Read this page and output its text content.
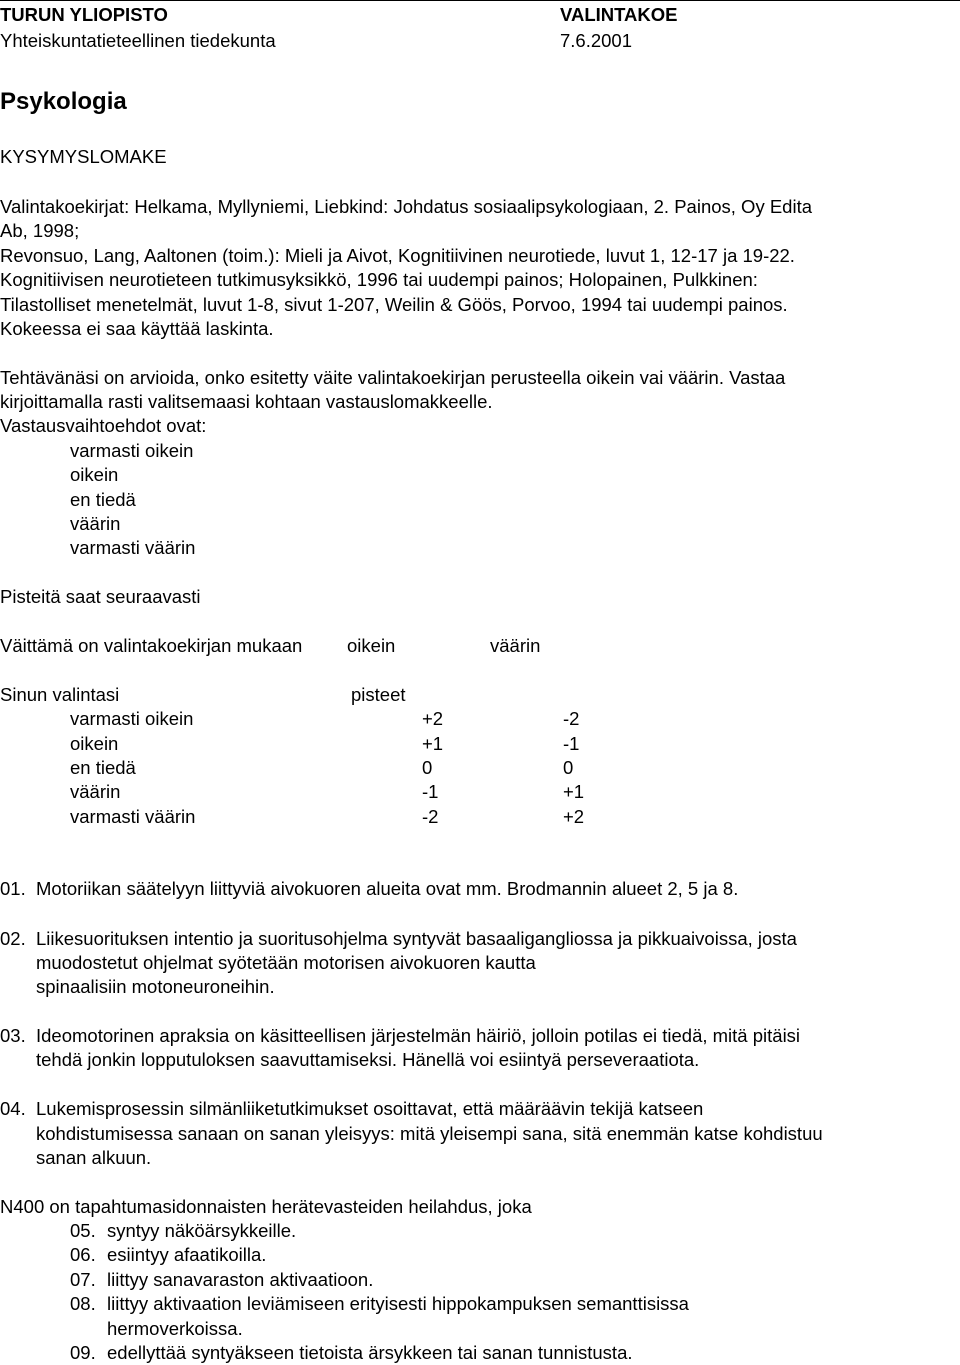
TURUN YLIOPISTO	VALINTAKOE
Yhteiskuntatieteellinen tiedekunta	7.6.2001
Psykologia
KYSYMYSLOMAKE
Valintakoekirjat: Helkama, Myllyniemi, Liebkind: Johdatus sosiaalipsykologiaan, 2. Painos, Oy Edita
Ab, 1998;
Revonsuo, Lang, Aaltonen (toim.): Mieli ja Aivot, Kognitiivinen neurotiede, luvut 1, 12-17 ja 19-22.
Kognitiivisen neurotieteen tutkimusyksikkö, 1996 tai uudempi painos; Holopainen, Pulkkinen:
Tilastolliset menetelmät, luvut 1-8, sivut 1-207, Weilin & Göös, Porvoo, 1994 tai uudempi painos.
Kokeessa ei saa käyttää laskinta.
Tehtävänäsi on arvioida, onko esitetty väite valintakoekirjan perusteella oikein vai väärin. Vastaa
kirjoittamalla rasti valitsemaasi kohtaan vastauslomakkeelle.
Vastausvaihtoehdot ovat:
varmasti oikein
oikein
en tiedä
väärin
varmasti väärin
Pisteitä saat seuraavasti
Väittämä on valintakoekirjan mukaan oikein	väärin
Sinun valintasi	pisteet
varmasti oikein	+2	-2
oikein	+1	-1
en tiedä	0	0
väärin	-1	+1
varmasti väärin	-2	+2
01. Motoriikan säätelyyn liittyviä aivokuoren alueita ovat mm. Brodmannin alueet 2, 5 ja 8.
02. Liikesuorituksen intentio ja suoritusohjelma syntyvät basaaligangliossa ja pikkuaivoissa, josta
muodostetut ohjelmat syötetään motorisen aivokuoren kautta
spinaalisiin motoneuroneihin.
03. Ideomotorinen apraksia on käsitteellisen järjestelmän häiriö, jolloin potilas ei tiedä, mitä pitäisi
tehdä jonkin lopputuloksen saavuttamiseksi. Hänellä voi esiintyä perseveraatiota.
04. Lukemisprosessin silmänliiketutkimukset osoittavat, että määräävin tekijä katseen
kohdistumisessa sanaan on sanan yleisyys: mitä yleisempi sana, sitä enemmän katse kohdistuu
sanan alkuun.
N400 on tapahtumasidonnaisten herätevasteiden heilahdus, joka
05. syntyy näköärsykkeille.
06. esiintyy afaatikoilla.
07. liittyy sanavaraston aktivaatioon.
08. liittyy aktivaation leviämiseen erityisesti hippokampuksen semanttisissa
hermoverkoissa.
09. edellyttää syntyäkseen tietoista ärsykkeen tai sanan tunnistusta.
